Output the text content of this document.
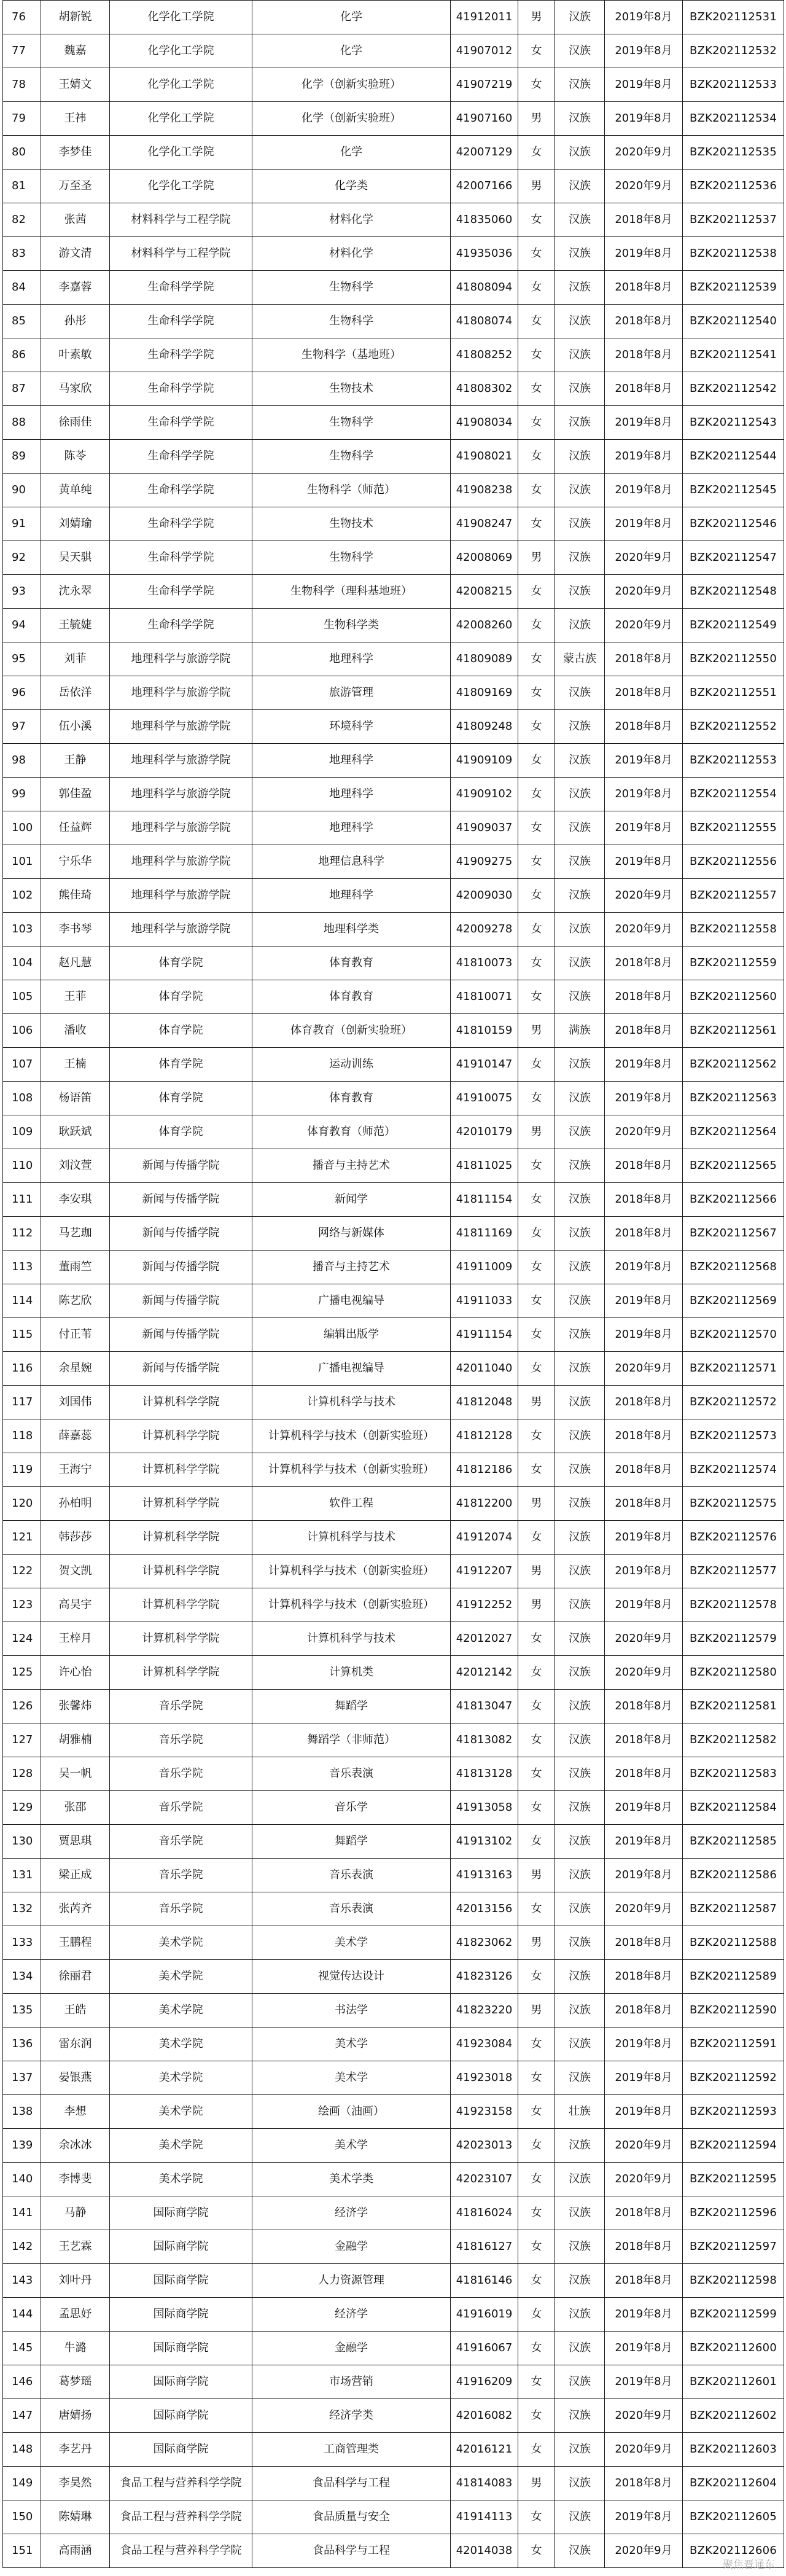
76	胡新锐	化学化工学院	化学	41912011	男	汉族	2019年8月	BZK202112531
77	魏嘉	化学化工学院	化学	41907012	女	汉族	2019年8月	BZK202112532
78	王婧文	化学化工学院	化学（创新实验班）	41907219	女	汉族	2019年8月	BZK202112533
79	王祎	化学化工学院	化学（创新实验班）	41907160	男	汉族	2019年8月	BZK202112534
80	李梦佳	化学化工学院	化学	42007129	女	汉族	2020年9月	BZK202112535
81	万至圣	化学化工学院	化学类	42007166	男	汉族	2020年9月	BZK202112536
82	张茜	材料科学与工程学院	材料化学	41835060	女	汉族	2018年8月	BZK202112537
83	游文清	材料科学与工程学院	材料化学	41935036	女	汉族	2019年8月	BZK202112538
84	李嘉蓉	生命科学学院	生物科学	41808094	女	汉族	2018年8月	BZK202112539
85	孙彤	生命科学学院	生物科学	41808074	女	汉族	2018年8月	BZK202112540
86	叶素敏	生命科学学院	生物科学（基地班）	41808252	女	汉族	2018年8月	BZK202112541
87	马家欣	生命科学学院	生物技术	41808302	女	汉族	2018年8月	BZK202112542
88	徐雨佳	生命科学学院	生物科学	41908034	女	汉族	2019年8月	BZK202112543
89	陈苓	生命科学学院	生物科学	41908021	女	汉族	2019年8月	BZK202112544
90	黄单纯	生命科学学院	生物科学（师范）	41908238	女	汉族	2019年8月	BZK202112545
91	刘婧瑜	生命科学学院	生物技术	41908247	女	汉族	2019年8月	BZK202112546
92	吴天骐	生命科学学院	生物科学	42008069	男	汉族	2020年9月	BZK202112547
93	沈永翠	生命科学学院	生物科学（理科基地班）	42008215	女	汉族	2020年9月	BZK202112548
94	王毓婕	生命科学学院	生物科学类	42008260	女	汉族	2020年9月	BZK202112549
95	刘菲	地理科学与旅游学院	地理科学	41809089	女	蒙古族	2018年8月	BZK202112550
96	岳依洋	地理科学与旅游学院	旅游管理	41809169	女	汉族	2018年8月	BZK202112551
97	伍小溪	地理科学与旅游学院	环境科学	41809248	女	汉族	2018年8月	BZK202112552
98	王静	地理科学与旅游学院	地理科学	41909109	女	汉族	2019年8月	BZK202112553
99	郭佳盈	地理科学与旅游学院	地理科学	41909102	女	汉族	2019年8月	BZK202112554
100	任益辉	地理科学与旅游学院	地理科学	41909037	女	汉族	2019年8月	BZK202112555
101	宁乐华	地理科学与旅游学院	地理信息科学	41909275	女	汉族	2019年8月	BZK202112556
102	熊佳琦	地理科学与旅游学院	地理科学	42009030	女	汉族	2020年9月	BZK202112557
103	李书琴	地理科学与旅游学院	地理科学类	42009278	女	汉族	2020年9月	BZK202112558
104	赵凡慧	体育学院	体育教育	41810073	女	汉族	2018年8月	BZK202112559
105	王菲	体育学院	体育教育	41810071	女	汉族	2018年8月	BZK202112560
106	潘收	体育学院	体育教育（创新实验班）	41810159	男	满族	2018年8月	BZK202112561
107	王楠	体育学院	运动训练	41910147	女	汉族	2019年8月	BZK202112562
108	杨语笛	体育学院	体育教育	41910075	女	汉族	2019年8月	BZK202112563
109	耿跃斌	体育学院	体育教育（师范）	42010179	男	汉族	2020年9月	BZK202112564
110	刘汶萱	新闻与传播学院	播音与主持艺术	41811025	女	汉族	2018年8月	BZK202112565
111	李安琪	新闻与传播学院	新闻学	41811154	女	汉族	2018年8月	BZK202112566
112	马艺珈	新闻与传播学院	网络与新媒体	41811169	女	汉族	2018年8月	BZK202112567
113	董雨竺	新闻与传播学院	播音与主持艺术	41911009	女	汉族	2019年8月	BZK202112568
114	陈艺欣	新闻与传播学院	广播电视编导	41911033	女	汉族	2019年8月	BZK202112569
115	付正苇	新闻与传播学院	编辑出版学	41911154	女	汉族	2019年8月	BZK202112570
116	余星婉	新闻与传播学院	广播电视编导	42011040	女	汉族	2020年9月	BZK202112571
117	刘国伟	计算机科学学院	计算机科学与技术	41812048	男	汉族	2018年8月	BZK202112572
118	薛嘉蕊	计算机科学学院	计算机科学与技术（创新实验班）	41812128	女	汉族	2018年8月	BZK202112573
119	王海宁	计算机科学学院	计算机科学与技术（创新实验班）	41812186	女	汉族	2018年8月	BZK202112574
120	孙柏明	计算机科学学院	软件工程	41812200	男	汉族	2018年8月	BZK202112575
121	韩莎莎	计算机科学学院	计算机科学与技术	41912074	女	汉族	2019年8月	BZK202112576
122	贺文凯	计算机科学学院	计算机科学与技术（创新实验班）	41912207	男	汉族	2019年8月	BZK202112577
123	高昊宇	计算机科学学院	计算机科学与技术（创新实验班）	41912252	男	汉族	2019年8月	BZK202112578
124	王梓月	计算机科学学院	计算机科学与技术	42012027	女	汉族	2020年9月	BZK202112579
125	许心怡	计算机科学学院	计算机类	42012142	女	汉族	2020年9月	BZK202112580
126	张馨炜	音乐学院	舞蹈学	41813047	女	汉族	2018年8月	BZK202112581
127	胡雅楠	音乐学院	舞蹈学（非师范）	41813082	女	汉族	2018年8月	BZK202112582
128	吴一帆	音乐学院	音乐表演	41813128	女	汉族	2018年8月	BZK202112583
129	张邵	音乐学院	音乐学	41913058	女	汉族	2019年8月	BZK202112584
130	贾思琪	音乐学院	舞蹈学	41913102	女	汉族	2019年8月	BZK202112585
131	梁正成	音乐学院	音乐表演	41913163	男	汉族	2019年8月	BZK202112586
132	张芮齐	音乐学院	音乐表演	42013156	女	汉族	2020年9月	BZK202112587
133	王鹏程	美术学院	美术学	41823062	男	汉族	2018年8月	BZK202112588
134	徐丽君	美术学院	视觉传达设计	41823126	女	汉族	2018年8月	BZK202112589
135	王皓	美术学院	书法学	41823220	男	汉族	2018年8月	BZK202112590
136	雷东润	美术学院	美术学	41923084	女	汉族	2019年8月	BZK202112591
137	晏银燕	美术学院	美术学	41923018	女	汉族	2019年8月	BZK202112592
138	李想	美术学院	绘画（油画）	41923158	女	壮族	2019年8月	BZK202112593
139	余冰冰	美术学院	美术学	42023013	女	汉族	2020年9月	BZK202112594
140	李博斐	美术学院	美术学类	42023107	女	汉族	2020年9月	BZK202112595
141	马静	国际商学院	经济学	41816024	女	汉族	2018年8月	BZK202112596
142	王艺霖	国际商学院	金融学	41816127	女	汉族	2018年8月	BZK202112597
143	刘叶丹	国际商学院	人力资源管理	41816146	女	汉族	2018年8月	BZK202112598
144	孟思妤	国际商学院	经济学	41916019	女	汉族	2019年8月	BZK202112599
145	牛潞	国际商学院	金融学	41916067	女	汉族	2019年8月	BZK202112600
146	葛梦瑶	国际商学院	市场营销	41916209	女	汉族	2019年8月	BZK202112601
147	唐婧扬	国际商学院	经济学类	42016082	女	汉族	2020年9月	BZK202112602
148	李艺丹	国际商学院	工商管理类	42016121	女	汉族	2020年9月	BZK202112603
149	李昊然	食品工程与营养科学学院	食品科学与工程	41814083	男	汉族	2018年8月	BZK202112604
150	陈婧琳	食品工程与营养科学学院	食品质量与安全	41914113	女	汉族	2019年8月	BZK202112605
151	高雨涵	食品工程与营养科学学院	食品科学与工程	42014038	女	汉族	2020年9月	BZK202112606
聚焦晋通东
